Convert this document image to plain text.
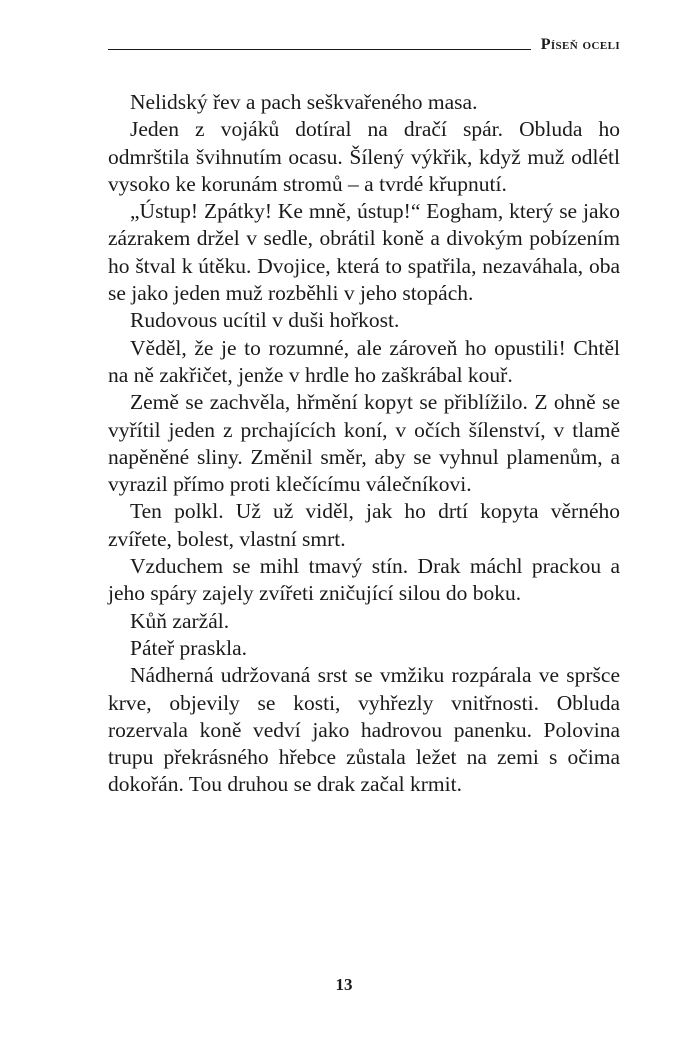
Píseň oceli

Nelidský řev a pach seškvařeného masa.

Jeden z vojáků dotíral na dračí spár. Obluda ho odmrštila švihnutím ocasu. Šílený výkřik, když muž odlétl vysoko ke korunám stromů – a tvrdé křupnutí.

„Ústup! Zpátky! Ke mně, ústup!“ Eogham, který se jako zázrakem držel v sedle, obrátil koně a divokým pobízením ho štval k útěku. Dvojice, která to spatřila, nezaváhala, oba se jako jeden muž rozběhli v jeho stopách.

Rudovous ucítil v duši hořkost.

Věděl, že je to rozumné, ale zároveň ho opustili! Chtěl na ně zakřičet, jenže v hrdle ho zaškrábal kouř.

Země se zachvěla, hřmění kopyt se přiblížilo. Z ohně se vyřítil jeden z prchajících koní, v očích šílenství, v tlamě napěněné sliny. Změnil směr, aby se vyhnul plamenům, a vyrazil přímo proti klečícímu válečníkovi.

Ten polkl. Už už viděl, jak ho drtí kopyta věrného zvířete, bolest, vlastní smrt.

Vzduchem se mihl tmavý stín. Drak máchl prackou a jeho spáry zajely zvířeti zničující silou do boku.

Kůň zaržál.

Páteř praskla.

Nádherná udržovaná srst se vmžiku rozpárala ve spršce krve, objevily se kosti, vyhřezly vnitřnosti. Obluda rozervala koně vedví jako hadrovou panenku. Polovina trupu překrásného hřebce zůstala ležet na zemi s očima dokořán. Tou druhou se drak začal krmit.

13
